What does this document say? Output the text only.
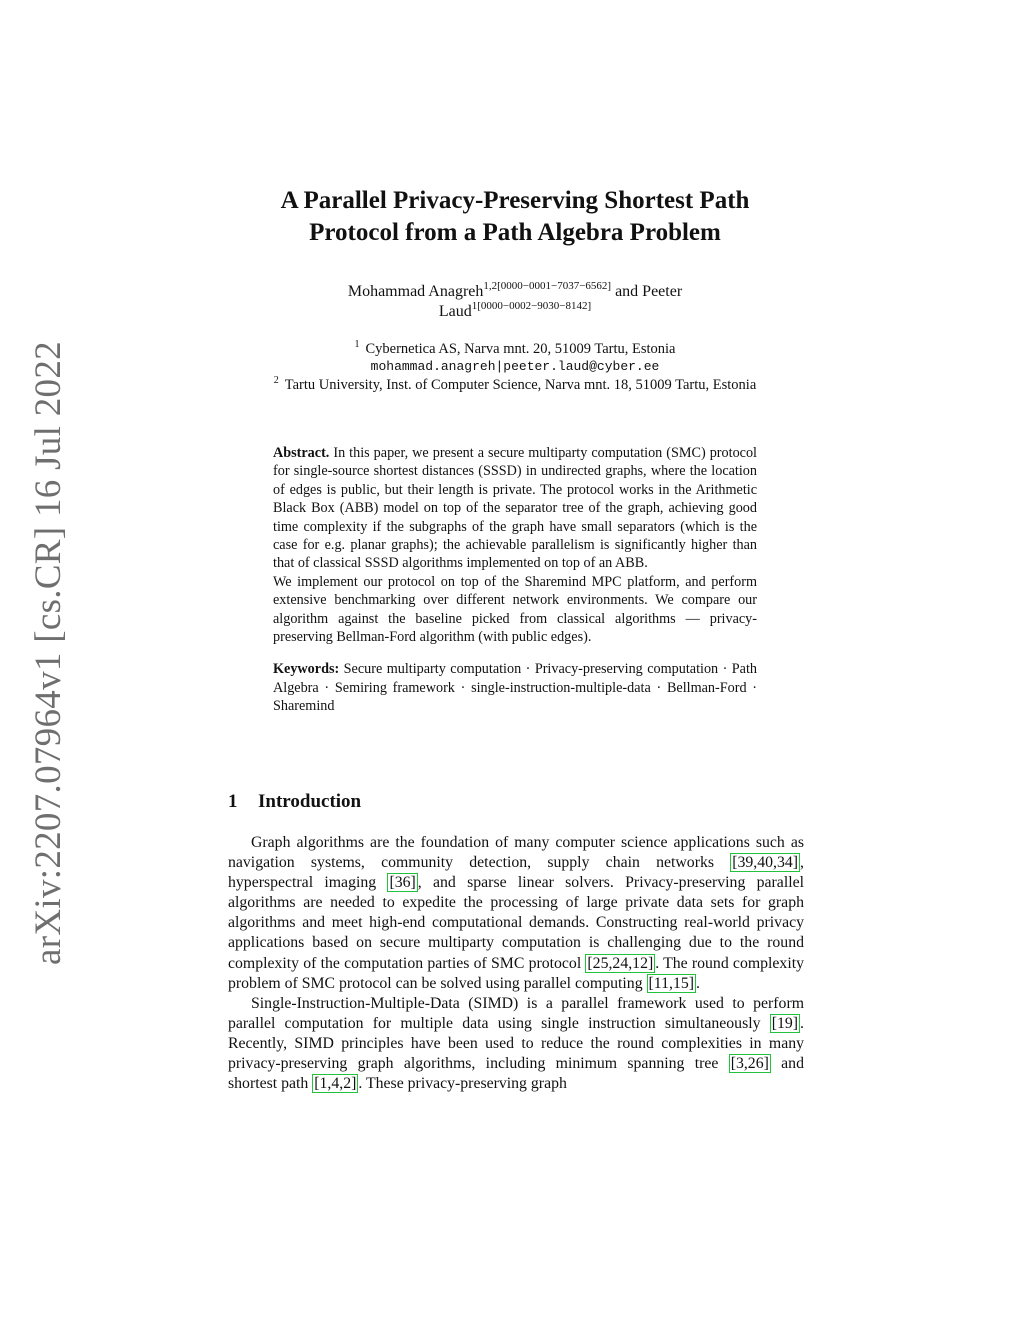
arXiv:2207.07964v1 [cs.CR] 16 Jul 2022
A Parallel Privacy-Preserving Shortest Path
Protocol from a Path Algebra Problem
Mohammad Anagreh$^{1,2[0000-0001-7037-6562]}$ and Peeter
Laud$^{1[0000-0002-9030-8142]}$
$^1$ Cybernetica AS, Narva mnt. 20, 51009 Tartu, Estonia
mohammad.anagreh|peeter.laud@cyber.ee
$^2$ Tartu University, Inst. of Computer Science, Narva mnt. 18, 51009 Tartu, Estonia

Abstract. In this paper, we present a secure multiparty computation (SMC) protocol for single-source shortest distances (SSSD) in undirected graphs, where the location of edges is public, but their length is private. The protocol works in the Arithmetic Black Box (ABB) model on top of the separator tree of the graph, achieving good time complexity if the subgraphs of the graph have small separators (which is the case for e.g. planar graphs); the achievable parallelism is significantly higher than that of classical SSSD algorithms implemented on top of an ABB.

We implement our protocol on top of the Sharemind MPC platform, and perform extensive benchmarking over different network environments. We compare our algorithm against the baseline picked from classical algorithms — privacy-preserving Bellman-Ford algorithm (with public edges).

Keywords: Secure multiparty computation · Privacy-preserving computation · Path Algebra · Semiring framework · single-instruction-multiple-data · Bellman-Ford · Sharemind

1 Introduction

Graph algorithms are the foundation of many computer science applications such as navigation systems, community detection, supply chain networks [39,40,34] , hyperspectral imaging [36] , and sparse linear solvers. Privacy-preserving parallel algorithms are needed to expedite the processing of large private data sets for graph algorithms and meet high-end computational demands. Constructing real-world privacy applications based on secure multiparty computation is challenging due to the round complexity of the computation parties of SMC protocol [25,24,12] . The round complexity problem of SMC protocol can be solved using parallel computing [11,15] .

Single-Instruction-Multiple-Data (SIMD) is a parallel framework used to perform parallel computation for multiple data using single instruction simultaneously [19] . Recently, SIMD principles have been used to reduce the round complexities in many privacy-preserving graph algorithms, including minimum spanning tree [3,26] and shortest path [1,4,2] . These privacy-preserving graph
